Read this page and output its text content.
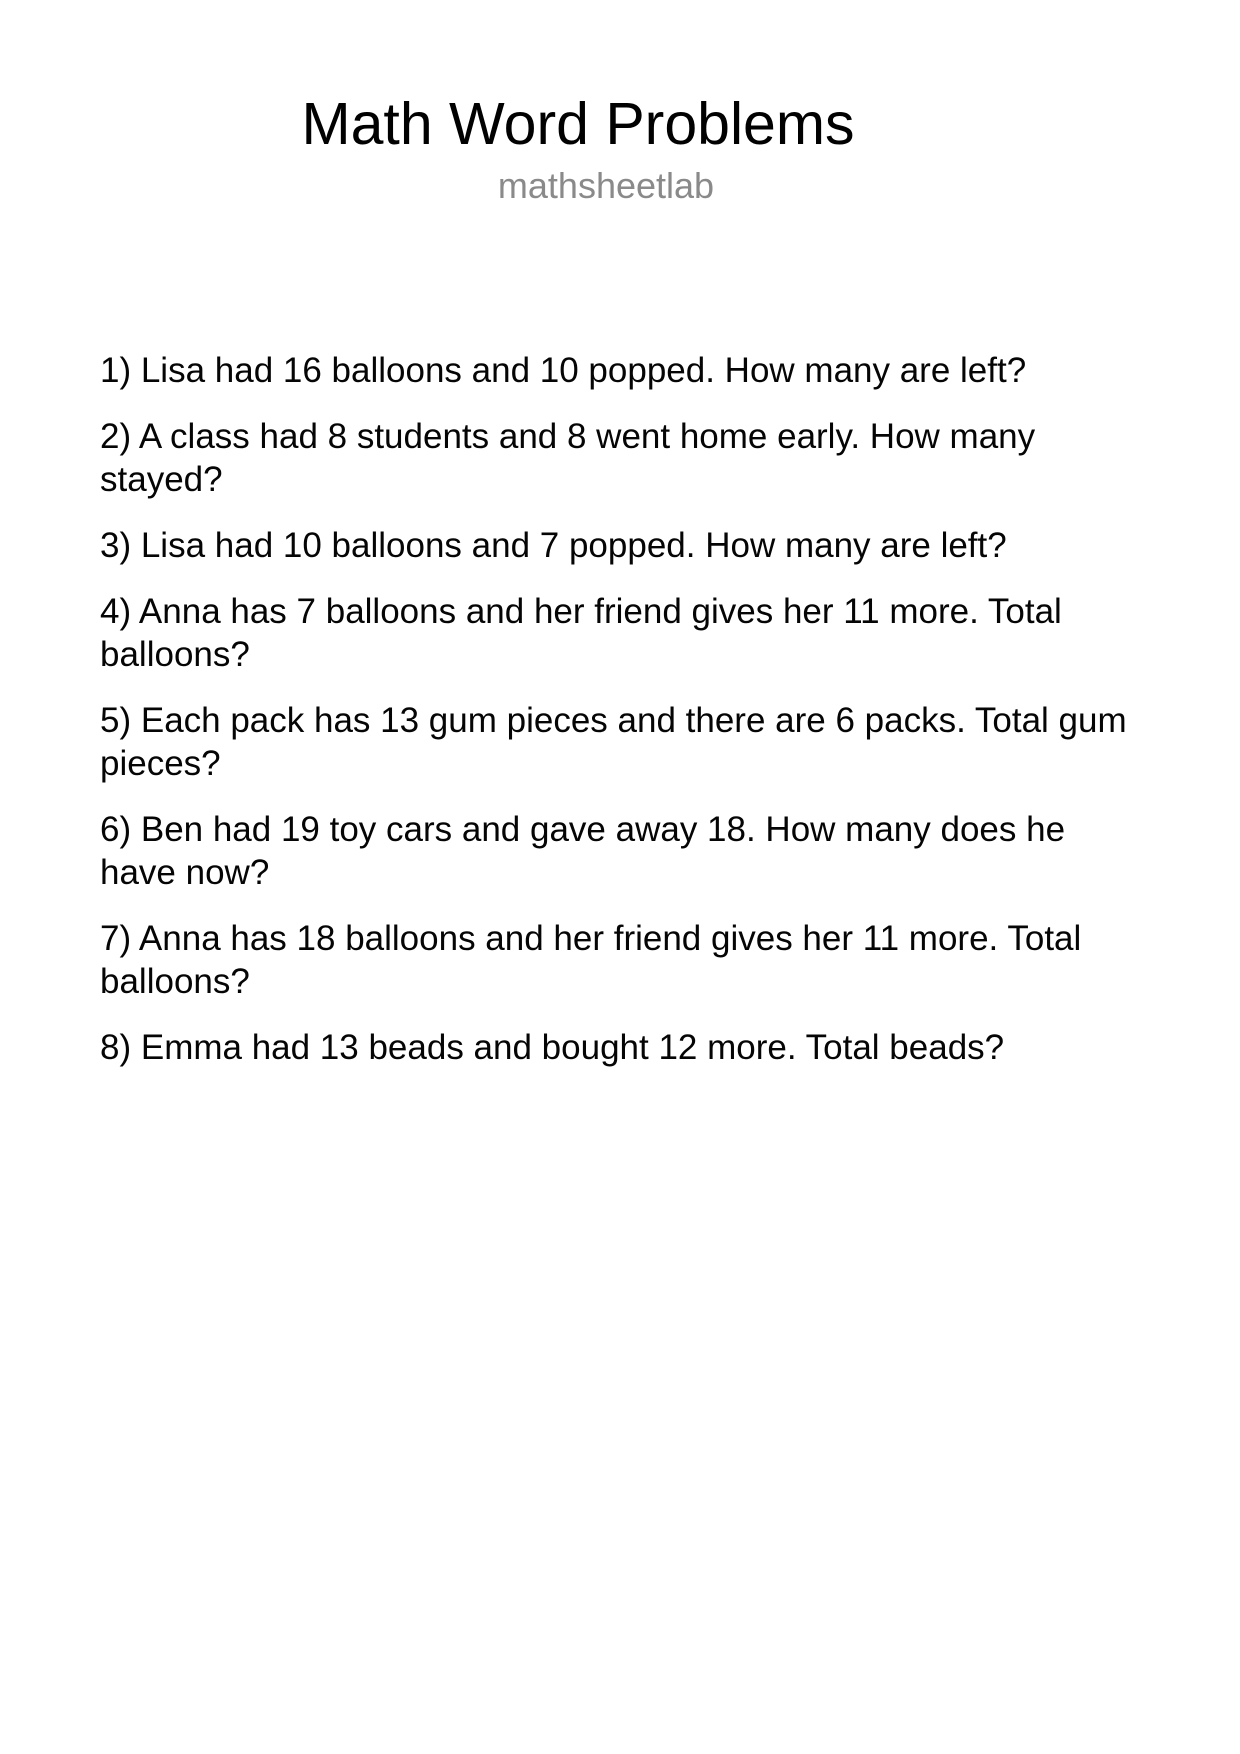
Math Word Problems
mathsheetlab

1) Lisa had 16 balloons and 10 popped. How many are left?

2) A class had 8 students and 8 went home early. How many stayed?

3) Lisa had 10 balloons and 7 popped. How many are left?

4) Anna has 7 balloons and her friend gives her 11 more. Total balloons?

5) Each pack has 13 gum pieces and there are 6 packs. Total gum pieces?

6) Ben had 19 toy cars and gave away 18. How many does he have now?

7) Anna has 18 balloons and her friend gives her 11 more. Total balloons?

8) Emma had 13 beads and bought 12 more. Total beads?
